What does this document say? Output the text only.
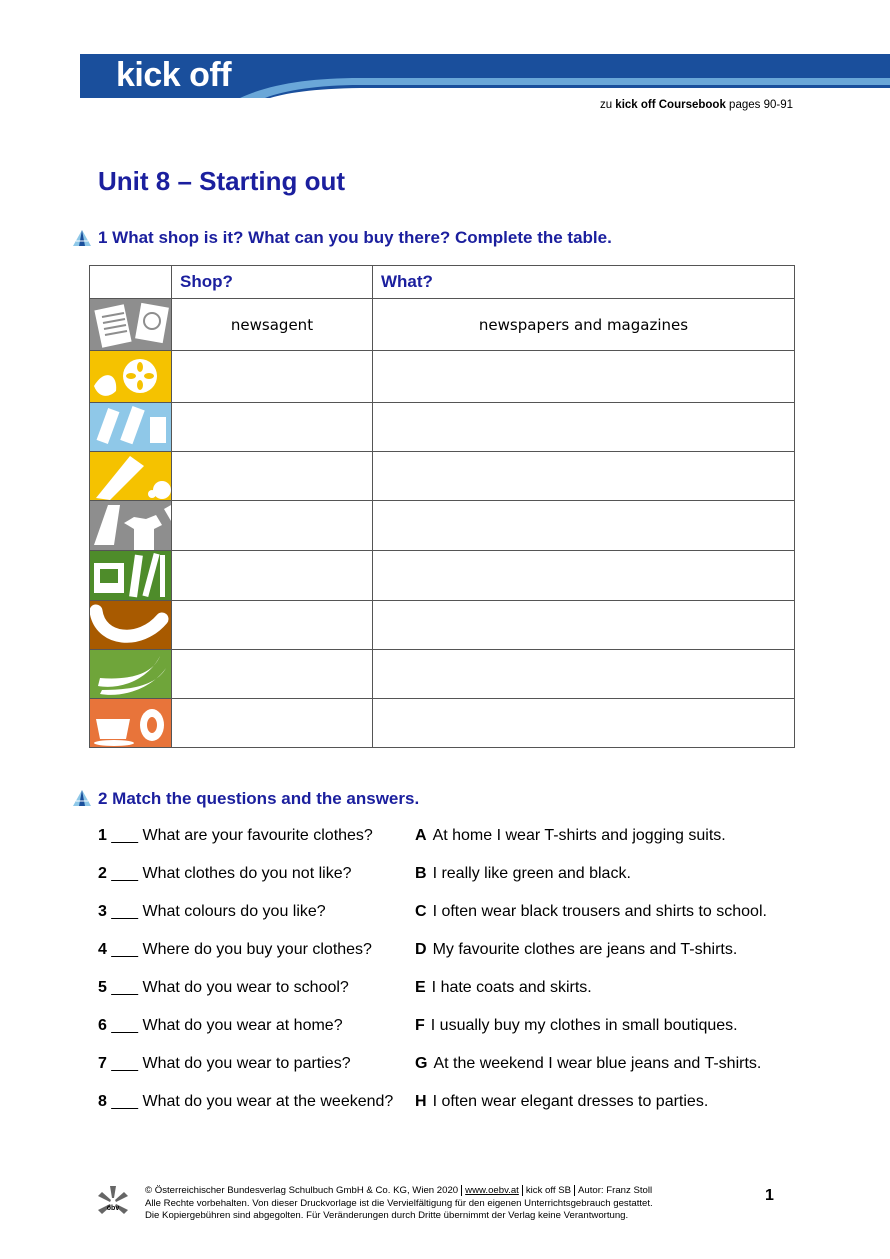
kick off
zu kick off Coursebook pages 90-91
Unit 8 – Starting out
1 What shop is it? What can you buy there? Complete the table.
	Shop?	What?

	newsagent	newspapers and magazines

2 Match the questions and the answers.
1 ___ What are your favourite clothes?
2 ___ What clothes do you not like?
3 ___ What colours do you like?
4 ___ Where do you buy your clothes?
5 ___ What do you wear to school?
6 ___ What do you wear at home?
7 ___ What do you wear to parties?
8 ___ What do you wear at the weekend?
A At home I wear T-shirts and jogging suits.
B I really like green and black.
C I often wear black trousers and shirts to school.
D My favourite clothes are jeans and T-shirts.
E I hate coats and skirts.
F I usually buy my clothes in small boutiques.
G At the weekend I wear blue jeans and T-shirts.
H I often wear elegant dresses to parties.
öbv
© Österreichischer Bundesverlag Schulbuch GmbH & Co. KG, Wien 2020 www.oebv.at kick off SB Autor: Franz Stoll
Alle Rechte vorbehalten. Von dieser Druckvorlage ist die Vervielfältigung für den eigenen Unterrichtsgebrauch gestattet.
Die Kopiergebühren sind abgegolten. Für Veränderungen durch Dritte übernimmt der Verlag keine Verantwortung.
1
